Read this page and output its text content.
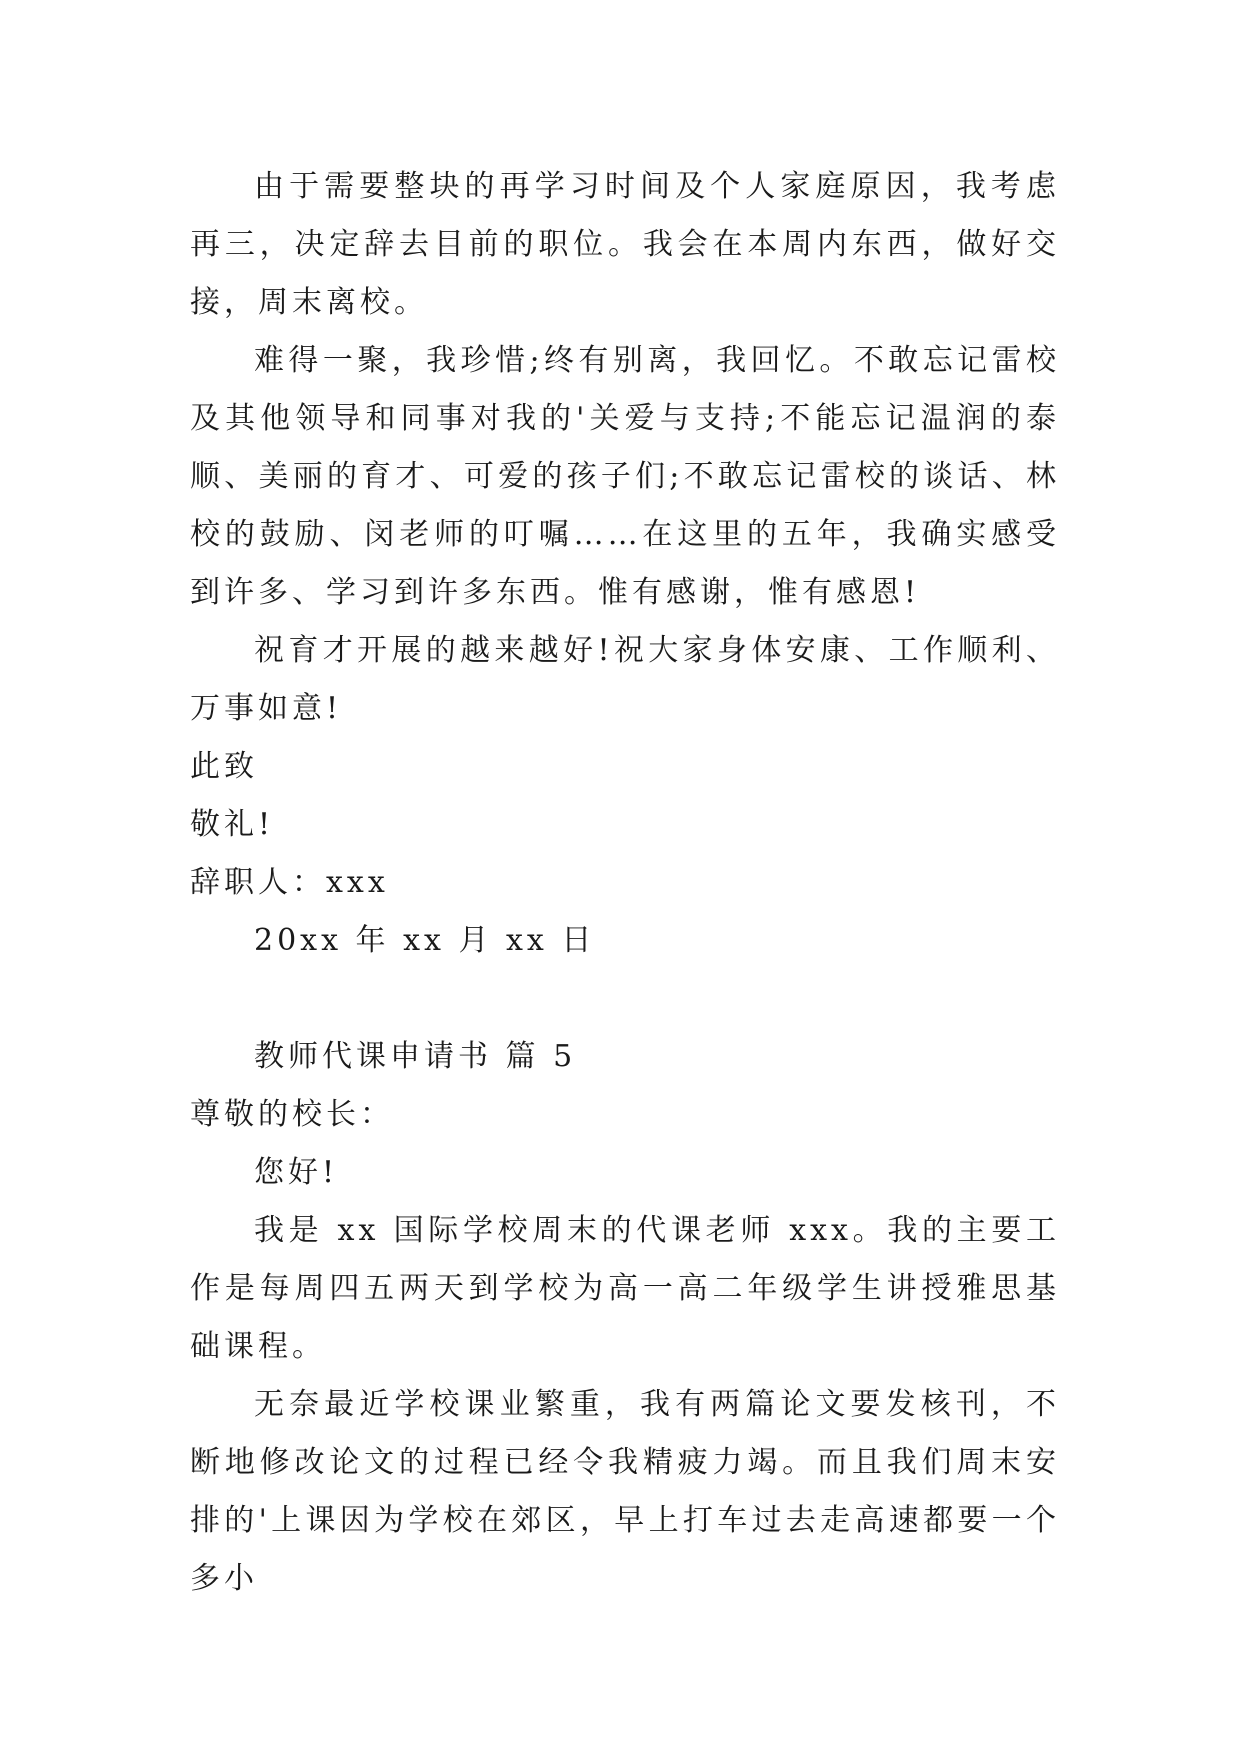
由于需要整块的再学习时间及个人家庭原因，我考虑再三，决定辞去目前的职位。我会在本周内东西，做好交接，周末离校。

难得一聚，我珍惜;终有别离，我回忆。不敢忘记雷校及其他领导和同事对我的'关爱与支持;不能忘记温润的泰顺、美丽的育才、可爱的孩子们;不敢忘记雷校的谈话、林校的鼓励、闵老师的叮嘱……在这里的五年，我确实感受到许多、学习到许多东西。惟有感谢，惟有感恩!

祝育才开展的越来越好!祝大家身体安康、工作顺利、万事如意!

此致

敬礼!

辞职人：xxx

20xx 年 xx 月 xx 日

教师代课申请书 篇 5

尊敬的校长：

您好!

我是 xx 国际学校周末的代课老师 xxx。我的主要工作是每周四五两天到学校为高一高二年级学生讲授雅思基础课程。

无奈最近学校课业繁重，我有两篇论文要发核刊，不断地修改论文的过程已经令我精疲力竭。而且我们周末安排的'上课因为学校在郊区，早上打车过去走高速都要一个多小
